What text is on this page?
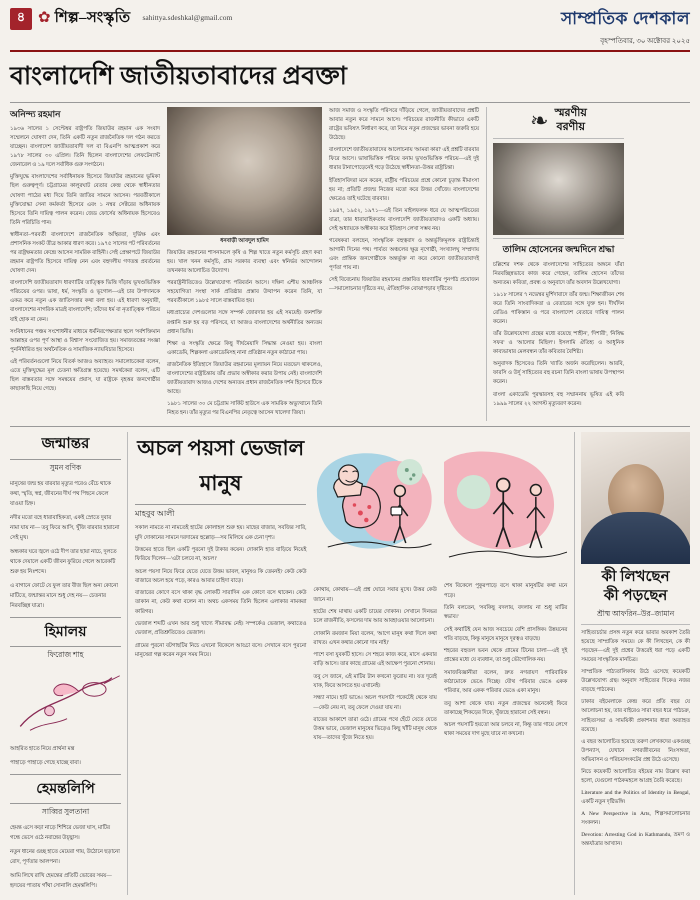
৪ ✿ শিল্প–সংস্কৃতি sahittya.sdeshkal@gmail.com	সাম্প্রতিক দেশকাল
বৃহস্পতিবার, ৩০ অক্টোবর ২০২৫
বাংলাদেশি জাতীয়তাবাদের প্রবক্তা
অনিন্দ্য রহমান

১৯৩৬ সালের ১ সেপ্টেম্বর রাষ্ট্রপতি জিয়াউর রহমান এক সংবাদ সম্মেলনে ঘোষণা দেন, তিনি একটি নতুন রাজনৈতিক দল গঠন করতে যাচ্ছেন। বাংলাদেশ জাতীয়তাবাদী দল বা বিএনপি আত্মপ্রকাশ করে ১৯৭৮ সালের ৩০ এপ্রিল। তিনি ছিলেন বাংলাদেশের লেফটেন্যান্ট জেনারেল ও ১৯ দলে সর্বাধিক গুরু সংগঠনে।

মুক্তিযুদ্ধে বাংলাদেশের সর্বাধিনায়ক হিসেবে জিয়াউর রহমানের ভূমিকা ছিল গুরুত্বপূর্ণ। চট্টগ্রামের কালুরঘাট বেতার কেন্দ্র থেকে স্বাধীনতার ঘোষণা পাঠের মধ্য দিয়ে তিনি জাতির সামনে আসেন। পরবর্তীকালে মুক্তিযোদ্ধা সেনা কর্মকর্তা হিসেবে এবং ১ নম্বর সেক্টরের অধিনায়ক হিসেবে তিনি দায়িত্ব পালন করেন। জেড ফোর্সের অধিনায়ক হিসেবেও তিনি পরিচিতি পান।

স্বাধীনতা–পরবর্তী বাংলাদেশে রাজনৈতিক অস্থিরতা, দুর্ভিক্ষ এবং প্রশাসনিক সংকট তীব্র আকার ধারণ করে। ১৯৭৫ সালের পট পরিবর্তনের পর রাষ্ট্রক্ষমতার কেন্দ্রে আসেন সামরিক বাহিনী। সেই প্রেক্ষাপটে জিয়াউর রহমান রাষ্ট্রপতি হিসেবে দায়িত্ব নেন এবং বহুদলীয় গণতন্ত্র প্রবর্তনের ঘোষণা দেন।

বাংলাদেশি জাতীয়তাবাদ ধারণাটির তাত্ত্বিক ভিত্তি দাঁড়ায় ভূখণ্ডভিত্তিক পরিচয়ের ওপর। ভাষা, ধর্ম, সংস্কৃতি ও ভূগোল—এই চার উপাদানকে একত্র করে নতুন এক জাতিসত্তার কথা বলা হয়। এই ধারণা অনুযায়ী, বাংলাদেশের নাগরিক মাত্রই বাংলাদেশি; তাঁদের ধর্ম বা নৃতাত্ত্বিক পরিচয় যাই হোক না কেন।

সংবিধানের পঞ্চম সংশোধনীর মাধ্যমে ধর্মনিরপেক্ষতার স্থলে 'সর্বশক্তিমান আল্লাহর ওপর পূর্ণ আস্থা ও বিশ্বাস' সংযোজিত হয়। সমাজতন্ত্রের সংজ্ঞা পুনর্নির্ধারিত হয় অর্থনৈতিক ও সামাজিক ন্যায়বিচার হিসেবে।

এই পরিবর্তনগুলো নিয়ে বিতর্ক আজও অব্যাহত। সমালোচকেরা বলেন, এতে মুক্তিযুদ্ধের মূল চেতনা ক্ষতিগ্রস্ত হয়েছে। সমর্থকেরা বলেন, এটি ছিল বাস্তবতার সঙ্গে সমন্বয়ের প্রয়াস, যা রাষ্ট্রকে বৃহত্তর জনগোষ্ঠীর কাছাকাছি নিয়ে গেছে।

ধনবাড়ী আবদুল হামিদ

জিয়াউর রহমানের শাসনামলে কৃষি ও শিল্প খাতে নতুন কর্মসূচি গ্রহণ করা হয়। খাল খনন কর্মসূচি, গ্রাম সরকার ব্যবস্থা এবং স্বনির্ভর আন্দোলন তখনকার আলোচিত উদ্যোগ।

পররাষ্ট্রনীতিতেও উল্লেখযোগ্য পরিবর্তন আসে। দক্ষিণ এশীয় আঞ্চলিক সহযোগিতা সংস্থা সার্ক প্রতিষ্ঠার প্রস্তাব উত্থাপন করেন তিনি, যা পরবর্তীকালে ১৯৮৫ সালে বাস্তবায়িত হয়।

মধ্যপ্রাচ্যের দেশগুলোর সঙ্গে সম্পর্ক জোরদার হয় এই সময়েই। জনশক্তি রপ্তানি শুরু হয় বড় পরিসরে, যা আজও বাংলাদেশের অর্থনীতির অন্যতম প্রধান ভিত্তি।

শিক্ষা ও সংস্কৃতি ক্ষেত্রে কিছু দীর্ঘমেয়াদি সিদ্ধান্ত নেওয়া হয়। বাংলা একাডেমি, শিল্পকলা একাডেমিসহ নানা প্রতিষ্ঠান নতুন কাঠামো পায়।

রাজনৈতিক ইতিহাসে জিয়াউর রহমানের মূল্যায়ন নিয়ে মতভেদ থাকলেও, বাংলাদেশের রাষ্ট্রচিন্তায় তাঁর প্রভাব অস্বীকার করার উপায় নেই। বাংলাদেশি জাতীয়তাবাদ আজও দেশের অন্যতম প্রধান রাজনৈতিক দর্শন হিসেবে টিকে আছে।

১৯৮১ সালের ৩০ মে চট্টগ্রাম সার্কিট হাউসে এক সামরিক অভ্যুত্থানে তিনি নিহত হন। তাঁর মৃত্যুর পর বিএনপির নেতৃত্বে আসেন খালেদা জিয়া।

আজ সমাজ ও সংস্কৃতি পরিসরে দাঁড়িয়ে গেলে, জাতীয়তাবাদের প্রশ্নটি আবার নতুন করে সামনে আসে। পরিচয়ের রাজনীতি কীভাবে একটি রাষ্ট্রের ভবিষ্যৎ নির্ধারণ করে, তা নিয়ে নতুন প্রজন্মের ভাবনা জরুরি হয়ে উঠেছে।

বাংলাদেশে জাতীয়তাবাদের আলোচনায় 'আমরা কারা' এই প্রশ্নটি বারবার ফিরে আসে। ভাষাভিত্তিক পরিচয় বনাম ভূখণ্ডভিত্তিক পরিচয়—এই দুই ধারার টানাপোড়েনেই গড়ে উঠেছে স্বাধীনতা–উত্তর রাষ্ট্রচিন্তা।

ইতিহাসবিদরা মনে করেন, রাষ্ট্রীয় পরিচয়ের প্রশ্নে কোনো চূড়ান্ত মীমাংসা হয় না; প্রতিটি প্রজন্ম নিজের মতো করে উত্তর খোঁজে। বাংলাদেশের ক্ষেত্রেও তাই ঘটেছে বারবার।

১৯৪৭, ১৯৫২, ১৯৭১—এই তিন মাইলফলক ধরে যে আত্মপরিচয়ের যাত্রা, তার ধারাবাহিকতায় বাংলাদেশি জাতীয়তাবাদও একটি অধ্যায়। সেই অধ্যায়কে অস্বীকার করে ইতিহাস লেখা সম্ভব নয়।

গবেষকরা বলছেন, সাংস্কৃতিক বহুত্ববাদ ও অন্তর্ভুক্তিমূলক রাষ্ট্রচিন্তাই আগামী দিনের পথ। পার্বত্য অঞ্চলের ক্ষুদ্র নৃগোষ্ঠী, সংখ্যালঘু সম্প্রদায় এবং প্রান্তিক জনগোষ্ঠীকে অন্তর্ভুক্ত না করে কোনো জাতীয়তাবাদই পূর্ণতা পায় না।

সেই বিবেচনায় জিয়াউর রহমানের প্রস্তাবিত ধারণাটির পুনর্পাঠ প্রয়োজন—সমালোচনার দৃষ্টিতে নয়, ঐতিহাসিক বোঝাপড়ার দৃষ্টিতে।

❧ স্মরণীয়
বরণীয়
তালিম হোসেনের জন্মদিনে শ্রদ্ধা

চল্লিশের দশক থেকে বাংলাদেশের সাহিত্যের অঙ্গনে যাঁরা নিরবচ্ছিন্নভাবে কাজ করে গেছেন, তালিম হোসেন তাঁদের অন্যতম। কবিতা, প্রবন্ধ ও অনুবাদে তাঁর অবদান উল্লেখযোগ্য।

১৯১৮ সালের ৭ নভেম্বর মুর্শিদাবাদে তাঁর জন্ম। শিক্ষাজীবন শেষ করে তিনি সাংবাদিকতা ও বেতারের সঙ্গে যুক্ত হন। দীর্ঘদিন রেডিও পাকিস্তান ও পরে বাংলাদেশ বেতারে দায়িত্ব পালন করেন।

তাঁর উল্লেখযোগ্য গ্রন্থের মধ্যে রয়েছে 'শাহীন', 'দিশারী', 'নিষিদ্ধ সফর' ও 'আলোর মিছিল'। ইসলামি ঐতিহ্য ও আধুনিক কাব্যভাষার মেলবন্ধন তাঁর কবিতার বৈশিষ্ট্য।

অনুবাদক হিসেবেও তিনি খ্যাতি অর্জন করেছিলেন। আরবি, ফারসি ও উর্দু সাহিত্যের বহু রচনা তিনি বাংলা ভাষায় উপস্থাপন করেন।

বাংলা একাডেমি পুরস্কারসহ বহু সম্মাননায় ভূষিত এই কবি ১৯৯৯ সালের ২২ আগস্ট মৃত্যুবরণ করেন।

জন্মান্তর
সুমন বণিক

মানুষের জন্ম হয় বারবার মৃত্যুর পরেও বেঁচে থাকে কথা, স্মৃতি, স্বপ্ন, জীবনের দীর্ঘ পথ পিছনে ফেলে যাওয়া চিহ্ন।

নদীর মতো বহে ধারাবাহিকতা, একই স্রোতে দুবার নামা যায় না— তবু ফিরে আসি, খুঁজি বারবার হারানো সেই মুখ।

অন্ধকার ঘরে জ্বলে ওঠে দীপ তার ছায়া নাচে, দুলতে থাকে দেয়ালে একটি জীবন ফুরিয়ে গেলে আরেকটি শুরু হয় নিঃশব্দে।

এ বাগানে ফোটে যে ফুল তার বীজ ছিল অন্য কোনো মাটিতে, জন্মান্তর মানে শুধু দেহ নয়— চেতনার নিরবচ্ছিন্ন যাত্রা।

হিমালয়
ফিরোজ শাহ

আহরিত হাতে নিয়ে প্রার্থনা মন্ত্র

পাহাড়ে পাহাড়ে গেছে যাচ্ছে বাবা।

হেমন্তলিপি
সাব্বির সুলতানা

হেমন্ত এসে কড়া নাড়ে শিশিরে ভেজা ঘাস, মাটির গন্ধে ভেসে ওঠে নবান্নের উচ্ছ্বাস।

নতুন ধানের গুচ্ছ হাতে মেয়েরা গায়, উঠোনে ছড়ানো রোদ, পূর্ণতার আলপনা।

আমি লিখে রাখি হেমন্তের প্রতিটি ভোরের সময়— হৃদয়ের পাতায় গাঁথা সোনালি হেমন্তলিপি।

অচল পয়সা ভেজাল মানুষ
মাহবুব আলী

সকাল নামতে না নামতেই হাটের কোলাহল শুরু হয়। মাছের বাজার, সবজির সারি, মুদি দোকানের সামনে দরদামের হুল্লোড়—সব মিলিয়ে এক চেনা দৃশ্য।

উত্তমের হাতে ছিল একটি পুরনো দুই টাকার কয়েন। দোকানি হাত বাড়িয়ে নিয়েই ফিরিয়ে দিলেন—'এটা চলবে না, অচল।'

অচল পয়সা নিয়ে ফিরে যেতে যেতে উত্তম ভাবল, মানুষও কি তেমনই? কেউ কেউ বাজারে অচল হয়ে পড়ে, কারও আবার চাহিদা বাড়ে।

বাজারের কোণে বসে থাকা বৃদ্ধ লোকটি সারাদিন এক কোণে বসে থাকেন। কেউ তাকান না, কেউ কথা বলেন না। অথচ একসময় তিনি ছিলেন এলাকার নামকরা কারিগর।

ভেজাল শব্দটি এখন আর শুধু খাদ্যে সীমাবদ্ধ নেই। সম্পর্কেও ভেজাল, কথাতেও ভেজাল, প্রতিশ্রুতিতেও ভেজাল।

গ্রামের পুরনো বটগাছটির নিচে এখনো বিকেলে আড্ডা বসে। সেখানে বসে পুরনো মানুষেরা গল্প করেন নতুন সময় নিয়ে।

কোথায়, কোথায়—এই প্রশ্ন ঘোরে সবার মুখে। উত্তর কেউ জানে না।

হাটের শেষ মাথায় একটি চায়ের দোকান। সেখানে দিনভর চলে রাজনীতি, ফসলের দাম আর আবহাওয়ার আলোচনা।

দোকানি রমজান মিয়া বলেন, 'আগে মানুষ কথা দিলে কথা রাখত। এখন কথার কোনো দাম নাই।'

পাশে বসা যুবকটি হাসে। সে শহরে কাজ করে, মাসে একবার বাড়ি আসে। তার কাছে গ্রামের এই আক্ষেপ পুরনো শোনায়।

তবু সে জানে, এই মাটির টান কখনো ফুরোয় না। যত দূরেই যাক, ফিরে আসতে হয় এখানেই।

সন্ধ্যা নামে। হাট ভাঙে। অচল পয়সাটা পকেটেই থেকে যায়—কেউ নেয় না, তবু ফেলে দেওয়া যায় না।

রাতের আকাশে তারা ওঠে। গ্রামের পথে হেঁটে যেতে যেতে উত্তম ভাবে, ভেজাল মানুষের ভিড়েও কিছু খাঁটি মানুষ থেকে যায়—তাদের খুঁজে নিতে হয়।

শেষ বিকেলে পুকুরপাড়ে বসে থাকা মানুষটির কথা মনে পড়ে।

তিনি বলতেন, 'সবকিছু বদলায়, বদলায় না শুধু মাটির স্বভাব।'

সেই কথাটিই যেন আজ সবচেয়ে বেশি প্রাসঙ্গিক। উন্নয়নের গতি বাড়ছে, কিন্তু মানুষে মানুষে দূরত্বও বাড়ছে।

শহরের বহুতল ভবন থেকে গ্রামের টিনের চালা—এই দুই প্রান্তের মধ্যে যে ব্যবধান, তা শুধু ভৌগোলিক নয়।

সমাজবিজ্ঞানীরা বলেন, দ্রুত নগরায়ণ পারিবারিক কাঠামোকে ভেঙে দিচ্ছে। যৌথ পরিবার ভেঙে একক পরিবার, আর একক পরিবার ভেঙে একা মানুষ।

তবু আশা থেকে যায়। নতুন প্রজন্মের অনেকেই ফিরে তাকাচ্ছে শিকড়ের দিকে, খুঁজছে হারানো সেই বন্ধন।

অচল পয়সাটি হয়তো আর চলবে না, কিন্তু তার গায়ে লেগে থাকা সময়ের দাগ মুছে যাবে না কখনো।

কী লিখছেন
কী পড়ছেন
শ্রীষ্ম আফরিন–উর–জামান

সাহিত্যচর্চার প্রসঙ্গ নতুন করে ভাবার অবকাশ তৈরি হয়েছে সাম্প্রতিক সময়ে। কে কী লিখছেন, কে কী পড়ছেন—এই দুই প্রশ্নের উত্তরেই ধরা পড়ে একটি সময়ের সাংস্কৃতিক মানচিত্র।

সাম্প্রতিক পাঠ্যতালিকায় উঠে এসেছে কয়েকটি উল্লেখযোগ্য গ্রন্থ। অনুবাদ সাহিত্যের দিকেও নজর বাড়ছে পাঠকের।

ঢাকার বইমেলাকে কেন্দ্র করে প্রতি বছর যে আলোচনা হয়, তার বাইরেও সারা বছর ধরে পাঠচক্র, সাহিত্যসভা ও সাময়িকী প্রকাশনার ধারা অব্যাহত রয়েছে।

এ বছর আলোচিত হয়েছে তরুণ লেখকদের একগুচ্ছ উপন্যাস, যেখানে নগরজীবনের নিঃসঙ্গতা, অভিবাসন ও পরিচয়সংকটের প্রশ্ন উঠে এসেছে।

নিচে কয়েকটি আলোচিত বইয়ের নাম উল্লেখ করা হলো, যেগুলো পাঠকমহলে আগ্রহ তৈরি করেছে।

Literature and the Politics of Identity in Bengal, একটি নতুন দৃষ্টিভঙ্গি।

A New Perspective in Arts, শিল্পসমালোচনার সংকলন।

Devotion: Arresting God in Kathmandu, ভ্রমণ ও অন্তর্যাত্রার আখ্যান।
